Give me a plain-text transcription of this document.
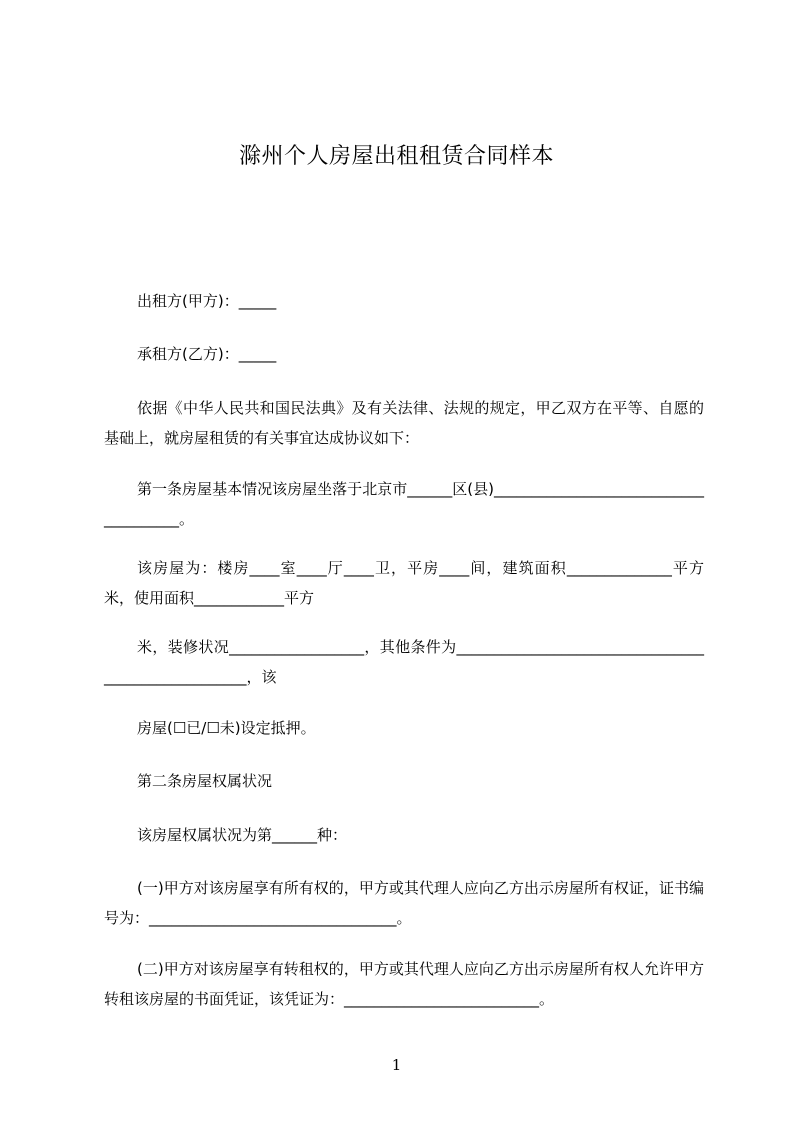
滁州个人房屋出租租赁合同样本
出租方(甲方)：_____
承租方(乙方)：_____
依据《中华人民共和国民法典》及有关法律、法规的规定，甲乙双方在平等、自愿的基础上，就房屋租赁的有关事宜达成协议如下：
第一条房屋基本情况该房屋坐落于北京市______区(县)______________________________________。
该房屋为：楼房____室____厅____卫，平房____间，建筑面积______________平方米，使用面积____________平方
米，装修状况__________________，其他条件为____________________________________________________，该
房屋(☐已/☐未)设定抵押。
第二条房屋权属状况
该房屋权属状况为第______种：
(一)甲方对该房屋享有所有权的，甲方或其代理人应向乙方出示房屋所有权证，证书编号为：_________________________________。
(二)甲方对该房屋享有转租权的，甲方或其代理人应向乙方出示房屋所有权人允许甲方转租该房屋的书面凭证，该凭证为：__________________________。
1
